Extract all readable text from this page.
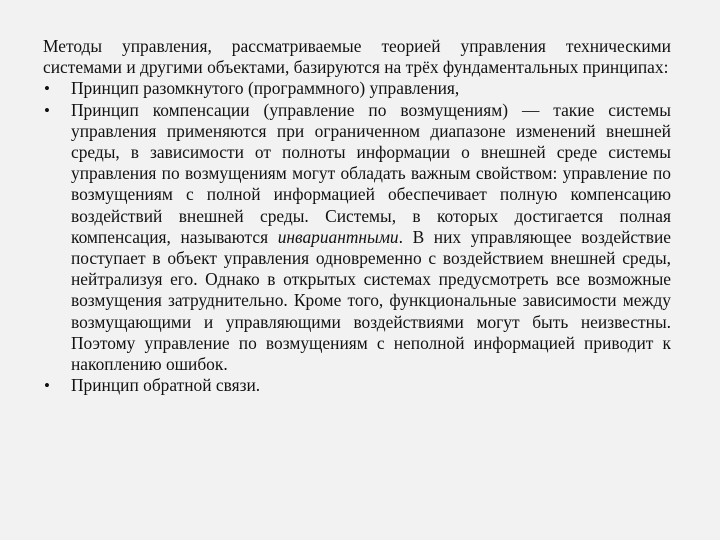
Методы управления, рассматриваемые теорией управления техническими системами и другими объектами, базируются на трёх фундаментальных принципах:

• Принцип разомкнутого (программного) управления,
• Принцип компенсации (управление по возмущениям) — такие системы управления применяются при ограниченном диапазоне изменений внешней среды, в зависимости от полноты информации о внешней среде системы управления по возмущениям могут обладать важным свойством: управление по возмущениям с полной информацией обеспечивает полную компенсацию воздействий внешней среды. Системы, в которых достигается полная компенсация, называются инвариантными. В них управляющее воздействие поступает в объект управления одновременно с воздействием внешней среды, нейтрализуя его. Однако в открытых системах предусмотреть все возможные возмущения затруднительно. Кроме того, функциональные зависимости между возмущающими и управляющими воздействиями могут быть неизвестны. Поэтому управление по возмущениям с неполной информацией приводит к накоплению ошибок.
• Принцип обратной связи.
